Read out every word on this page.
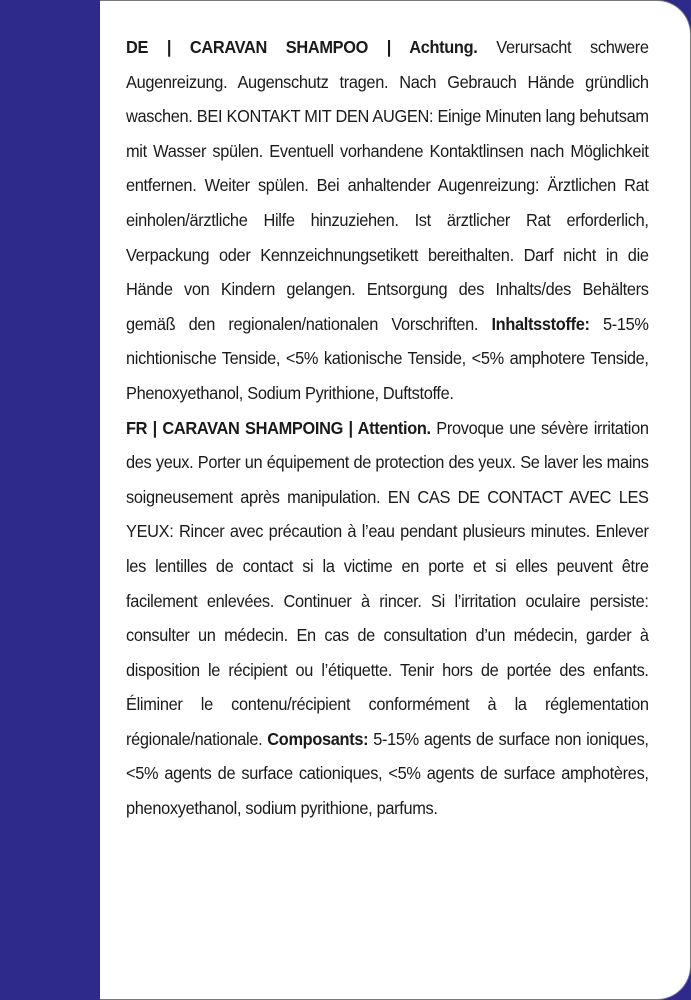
DE | CARAVAN SHAMPOO | Achtung. Verursacht schwere Augenreizung. Augenschutz tragen. Nach Gebrauch Hände gründlich waschen. BEI KONTAKT MIT DEN AUGEN: Einige Minuten lang behutsam mit Wasser spülen. Eventuell vorhandene Kontaktlinsen nach Möglichkeit entfernen. Weiter spülen. Bei anhaltender Augenreizung: Ärztlichen Rat einholen/ärztliche Hilfe hinzuziehen. Ist ärztlicher Rat erforderlich, Verpackung oder Kennzeichnungsetikett bereithalten. Darf nicht in die Hände von Kindern gelangen. Entsorgung des Inhalts/des Behälters gemäß den regionalen/nationalen Vorschriften. Inhaltsstoffe: 5-15% nichtionische Tenside, <5% kationische Tenside, <5% amphotere Tenside, Phenoxyethanol, Sodium Pyrithione, Duftstoffe.

FR | CARAVAN SHAMPOING | Attention. Provoque une sévère irritation des yeux. Porter un équipement de protection des yeux. Se laver les mains soigneusement après manipulation. EN CAS DE CONTACT AVEC LES YEUX: Rincer avec précaution à l’eau pendant plusieurs minutes. Enlever les lentilles de contact si la victime en porte et si elles peuvent être facilement enlevées. Continuer à rincer. Si l’irritation oculaire persiste: consulter un médecin. En cas de consultation d’un médecin, garder à disposition le récipient ou l’étiquette. Tenir hors de portée des enfants. Éliminer le contenu/récipient conformément à la réglementation régionale/nationale. Composants: 5-15% agents de surface non ioniques, <5% agents de surface cationiques, <5% agents de surface amphotères, phenoxyethanol, sodium pyrithione, parfums.
